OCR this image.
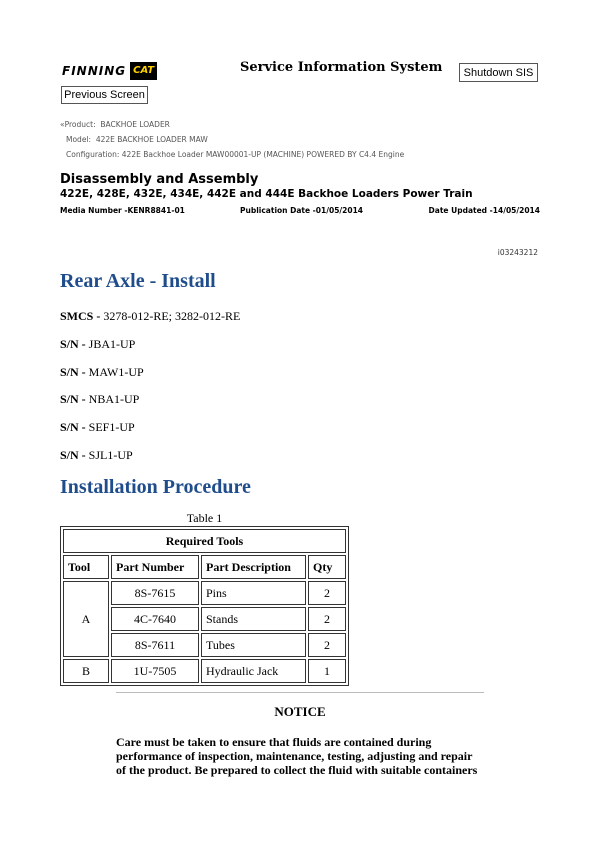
FINNING CAT	Service Information System	Shutdown SIS
Previous Screen
«Product: BACKHOE LOADER
Model: 422E BACKHOE LOADER MAW
Configuration: 422E Backhoe Loader MAW00001-UP (MACHINE) POWERED BY C4.4 Engine
Disassembly and Assembly
422E, 428E, 432E, 434E, 442E and 444E Backhoe Loaders Power Train
Media Number -KENR8841-01	Publication Date -01/05/2014	Date Updated -14/05/2014
i03243212
Rear Axle - Install
SMCS - 3278-012-RE; 3282-012-RE
S/N - JBA1-UP
S/N - MAW1-UP
S/N - NBA1-UP
S/N - SEF1-UP
S/N - SJL1-UP
Installation Procedure
Table 1
Required Tools			
Tool	Part Number	Part Description	Qty
A	8S-7615	Pins	2
	4C-7640	Stands	2
	8S-7611	Tubes	2
B	1U-7505	Hydraulic Jack	1
NOTICE
Care must be taken to ensure that fluids are contained during performance of inspection, maintenance, testing, adjusting and repair of the product. Be prepared to collect the fluid with suitable containers
